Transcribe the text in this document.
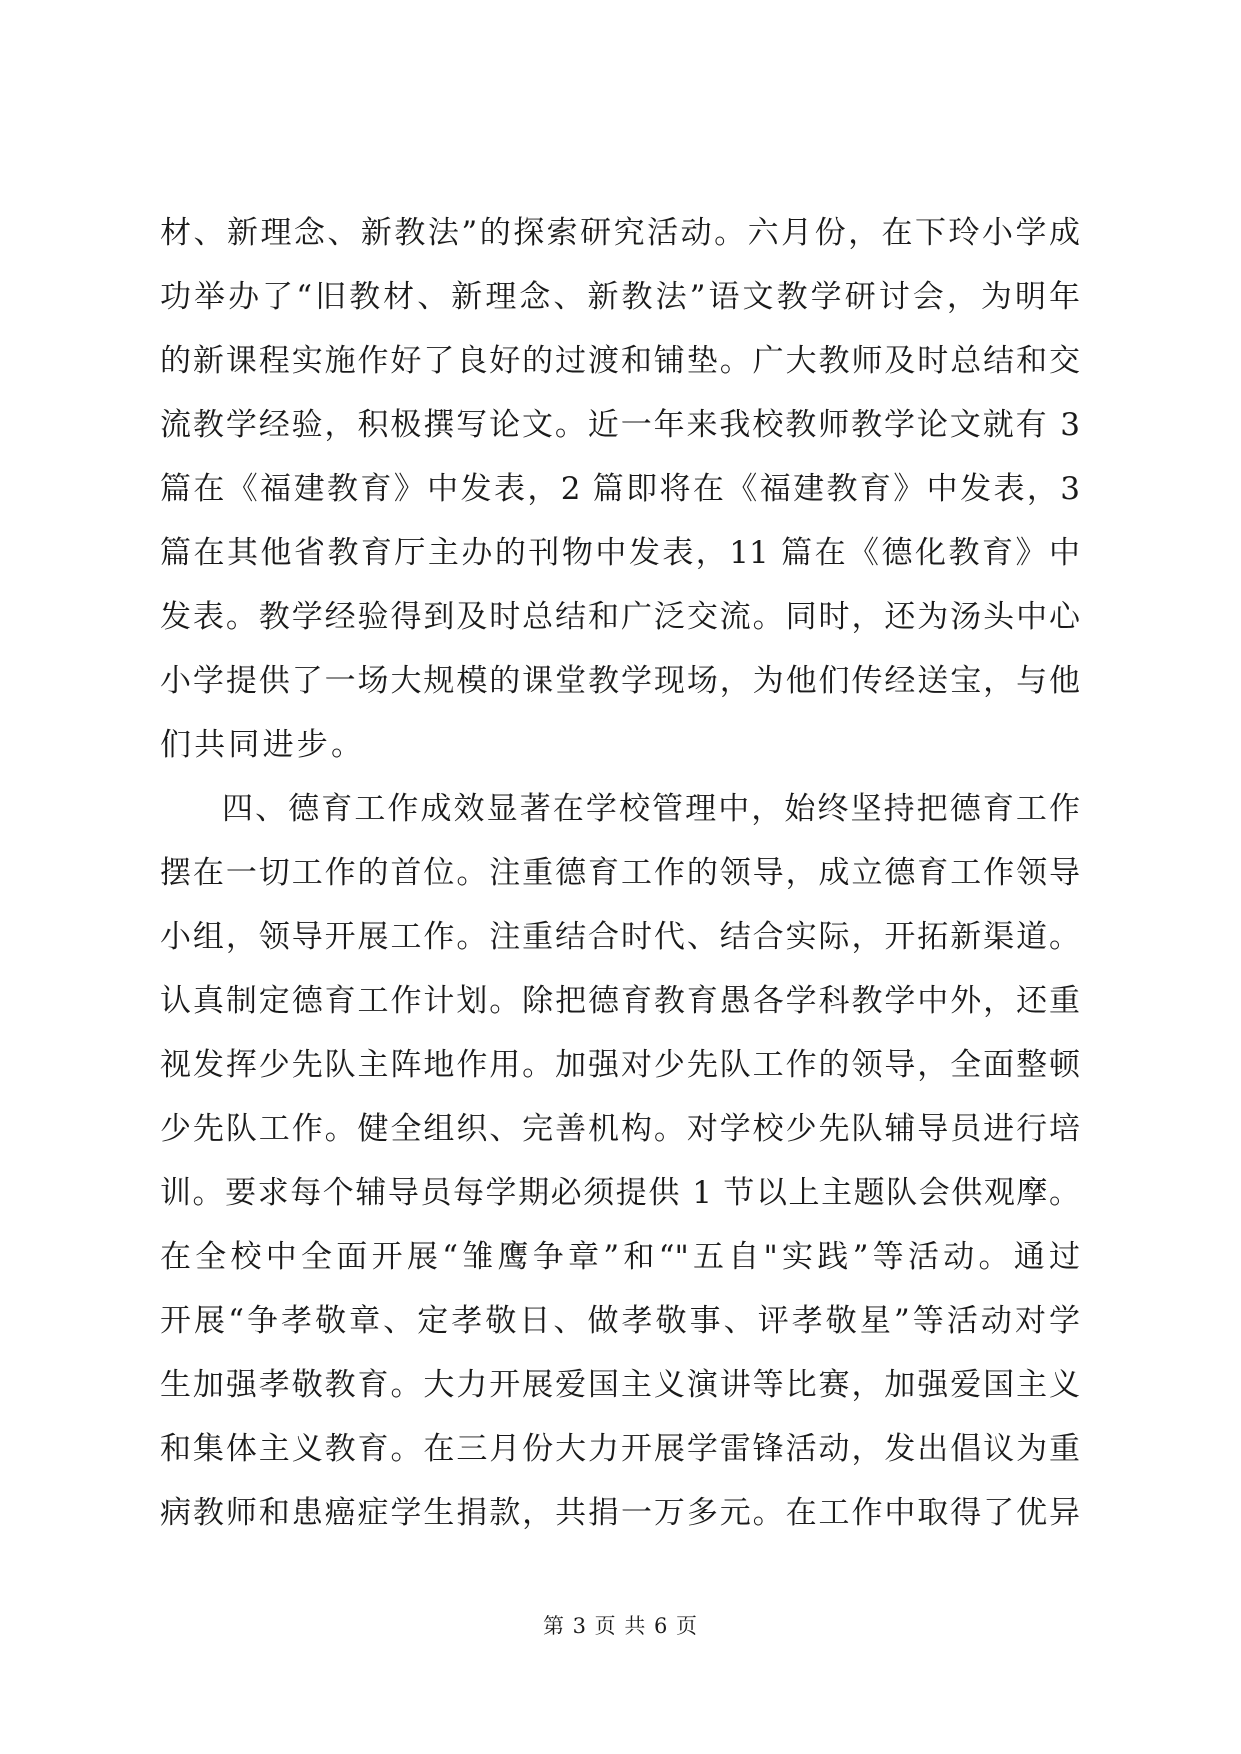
材、新理念、新教法”的探索研究活动。六月份，在下玲小学成
功举办了“旧教材、新理念、新教法”语文教学研讨会，为明年
的新课程实施作好了良好的过渡和铺垫。广大教师及时总结和交
流教学经验，积极撰写论文。近一年来我校教师教学论文就有 3
篇在《福建教育》中发表，2 篇即将在《福建教育》中发表，3
篇在其他省教育厅主办的刊物中发表，11 篇在《德化教育》中
发表。教学经验得到及时总结和广泛交流。同时，还为汤头中心
小学提供了一场大规模的课堂教学现场，为他们传经送宝，与他
们共同进步。
四、德育工作成效显著在学校管理中，始终坚持把德育工作
摆在一切工作的首位。注重德育工作的领导，成立德育工作领导
小组，领导开展工作。注重结合时代、结合实际，开拓新渠道。
认真制定德育工作计划。除把德育教育愚各学科教学中外，还重
视发挥少先队主阵地作用。加强对少先队工作的领导，全面整顿
少先队工作。健全组织、完善机构。对学校少先队辅导员进行培
训。要求每个辅导员每学期必须提供 1 节以上主题队会供观摩。
在全校中全面开展“雏鹰争章”和“"五自"实践”等活动。通过
开展“争孝敬章、定孝敬日、做孝敬事、评孝敬星”等活动对学
生加强孝敬教育。大力开展爱国主义演讲等比赛，加强爱国主义
和集体主义教育。在三月份大力开展学雷锋活动，发出倡议为重
病教师和患癌症学生捐款，共捐一万多元。在工作中取得了优异
第 3 页 共 6 页
